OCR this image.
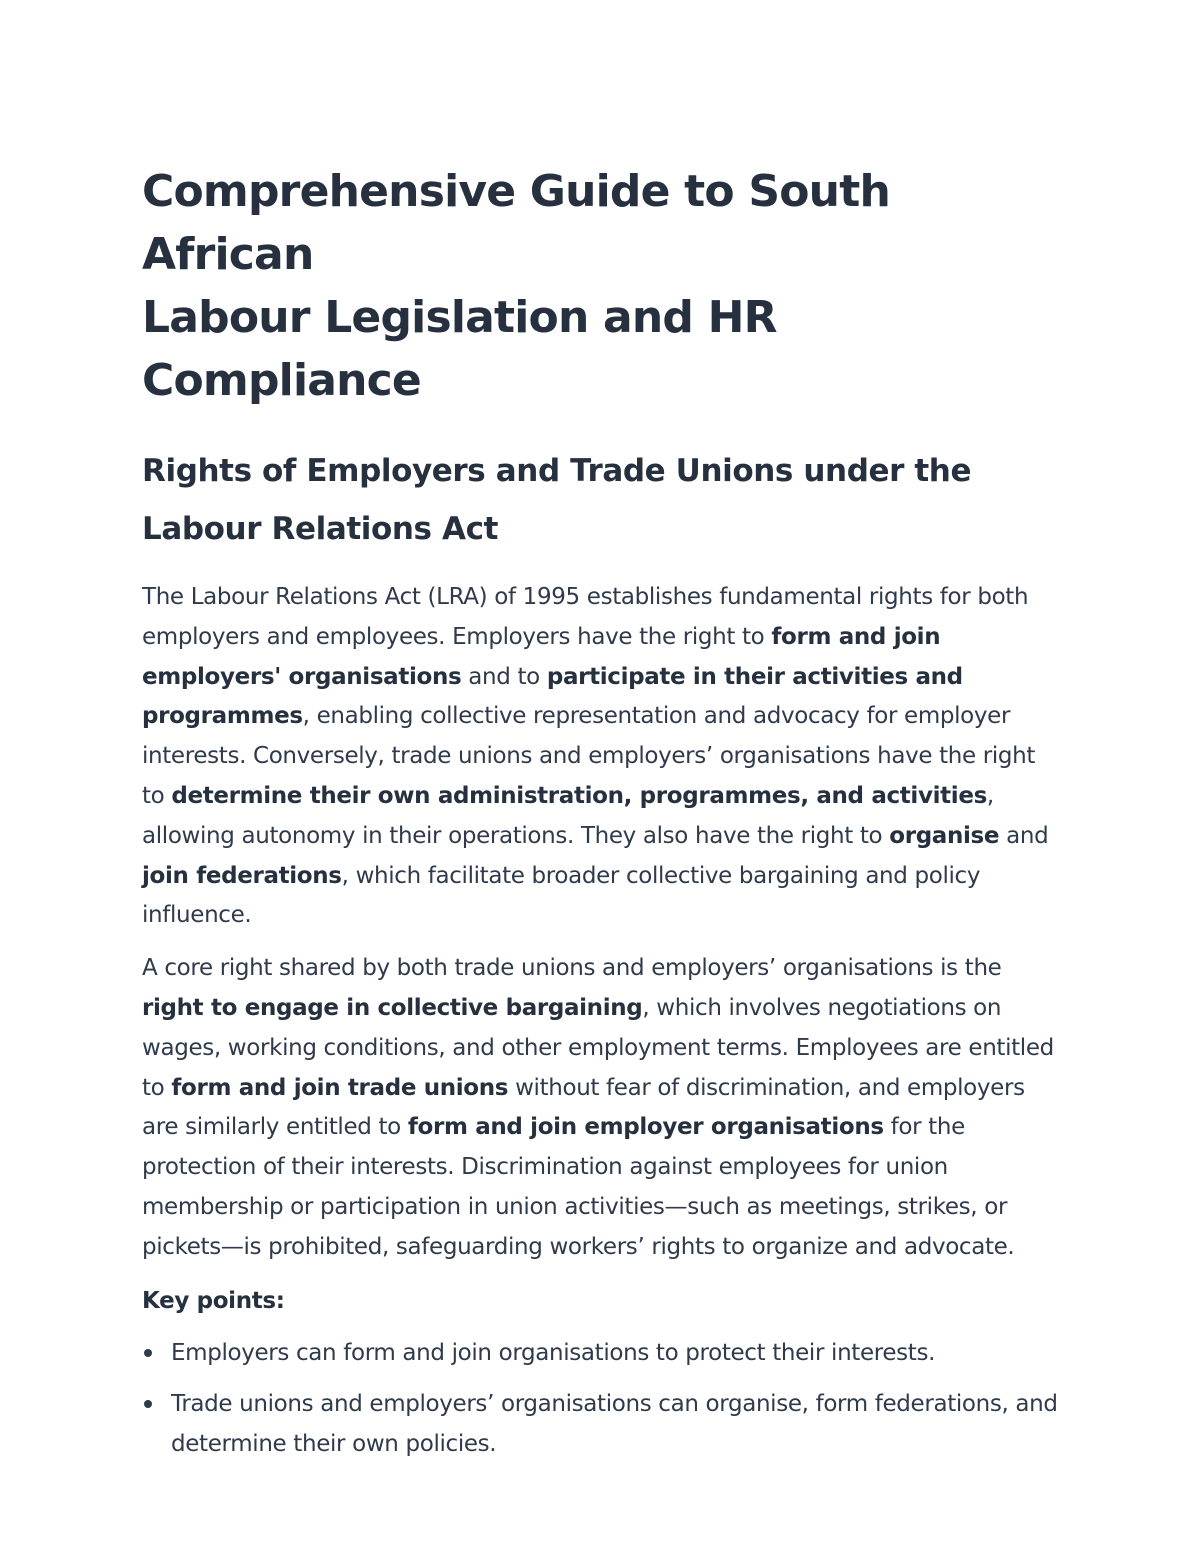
Comprehensive Guide to South African
Labour Legislation and HR Compliance
Rights of Employers and Trade Unions under the
Labour Relations Act

The Labour Relations Act (LRA) of 1995 establishes fundamental rights for both employers and employees. Employers have the right to form and join employers' organisations and to participate in their activities and programmes, enabling collective representation and advocacy for employer interests. Conversely, trade unions and employers’ organisations have the right to determine their own administration, programmes, and activities, allowing autonomy in their operations. They also have the right to organise and join federations, which facilitate broader collective bargaining and policy influence.

A core right shared by both trade unions and employers’ organisations is the right to engage in collective bargaining, which involves negotiations on wages, working conditions, and other employment terms. Employees are entitled to form and join trade unions without fear of discrimination, and employers are similarly entitled to form and join employer organisations for the protection of their interests. Discrimination against employees for union membership or participation in union activities—such as meetings, strikes, or pickets—is prohibited, safeguarding workers’ rights to organize and advocate.

Key points:
Employers can form and join organisations to protect their interests.
Trade unions and employers’ organisations can organise, form federations, and determine their own policies.
